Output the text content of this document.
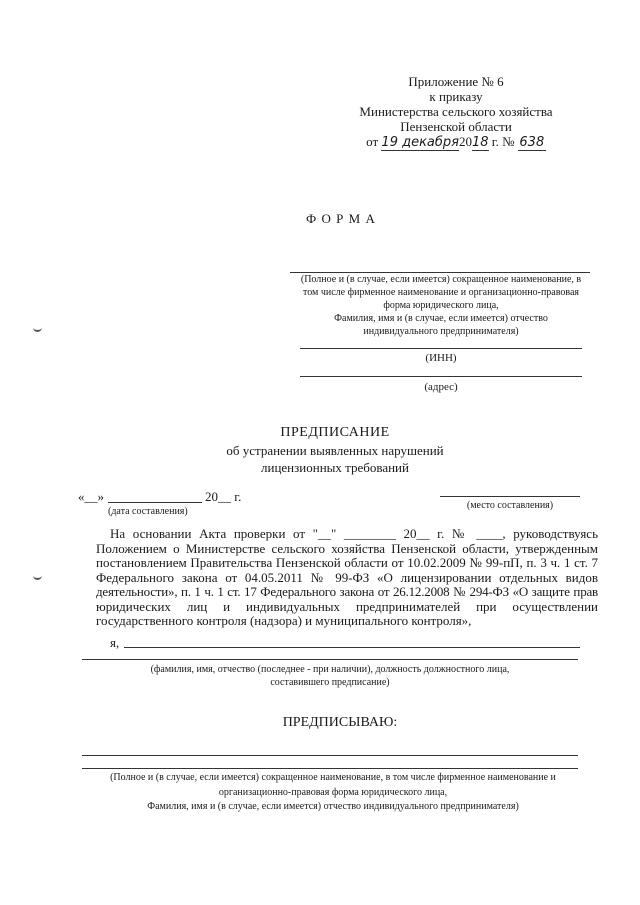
Приложение № 6
к приказу
Министерства сельского хозяйства
Пензенской области
от 19 декабря2018 г. № 638
Ф О Р М А
(Полное и (в случае, если имеется) сокращенное наименование, в
том числе фирменное наименование и организационно-правовая
форма юридического лица,
Фамилия, имя и (в случае, если имеется) отчество
индивидуального предпринимателя)
(ИНН)
(адрес)
ПРЕДПИСАНИЕ
об устранении выявленных нарушений
лицензионных требований
«__»	20__ г.
(дата составления)
(место составления)
На основании Акта проверки от "__" ________ 20__ г. № ____, руководствуясь
Положением о Министерстве сельского хозяйства Пензенской области, утвержденным
постановлением Правительства Пензенской области от 10.02.2009 № 99-пП, п. 3 ч. 1 ст. 7
Федерального закона от 04.05.2011 № 99-ФЗ «О лицензировании отдельных видов
деятельности», п. 1 ч. 1 ст. 17 Федерального закона от 26.12.2008 № 294-ФЗ «О защите прав
юридических лиц и индивидуальных предпринимателей при осуществлении
государственного контроля (надзора) и муниципального контроля»,
я,
(фамилия, имя, отчество (последнее - при наличии), должность должностного лица,
составившего предписание)
ПРЕДПИСЫВАЮ:
(Полное и (в случае, если имеется) сокращенное наименование, в том числе фирменное наименование и
организационно-правовая форма юридического лица,
Фамилия, имя и (в случае, если имеется) отчество индивидуального предпринимателя)
